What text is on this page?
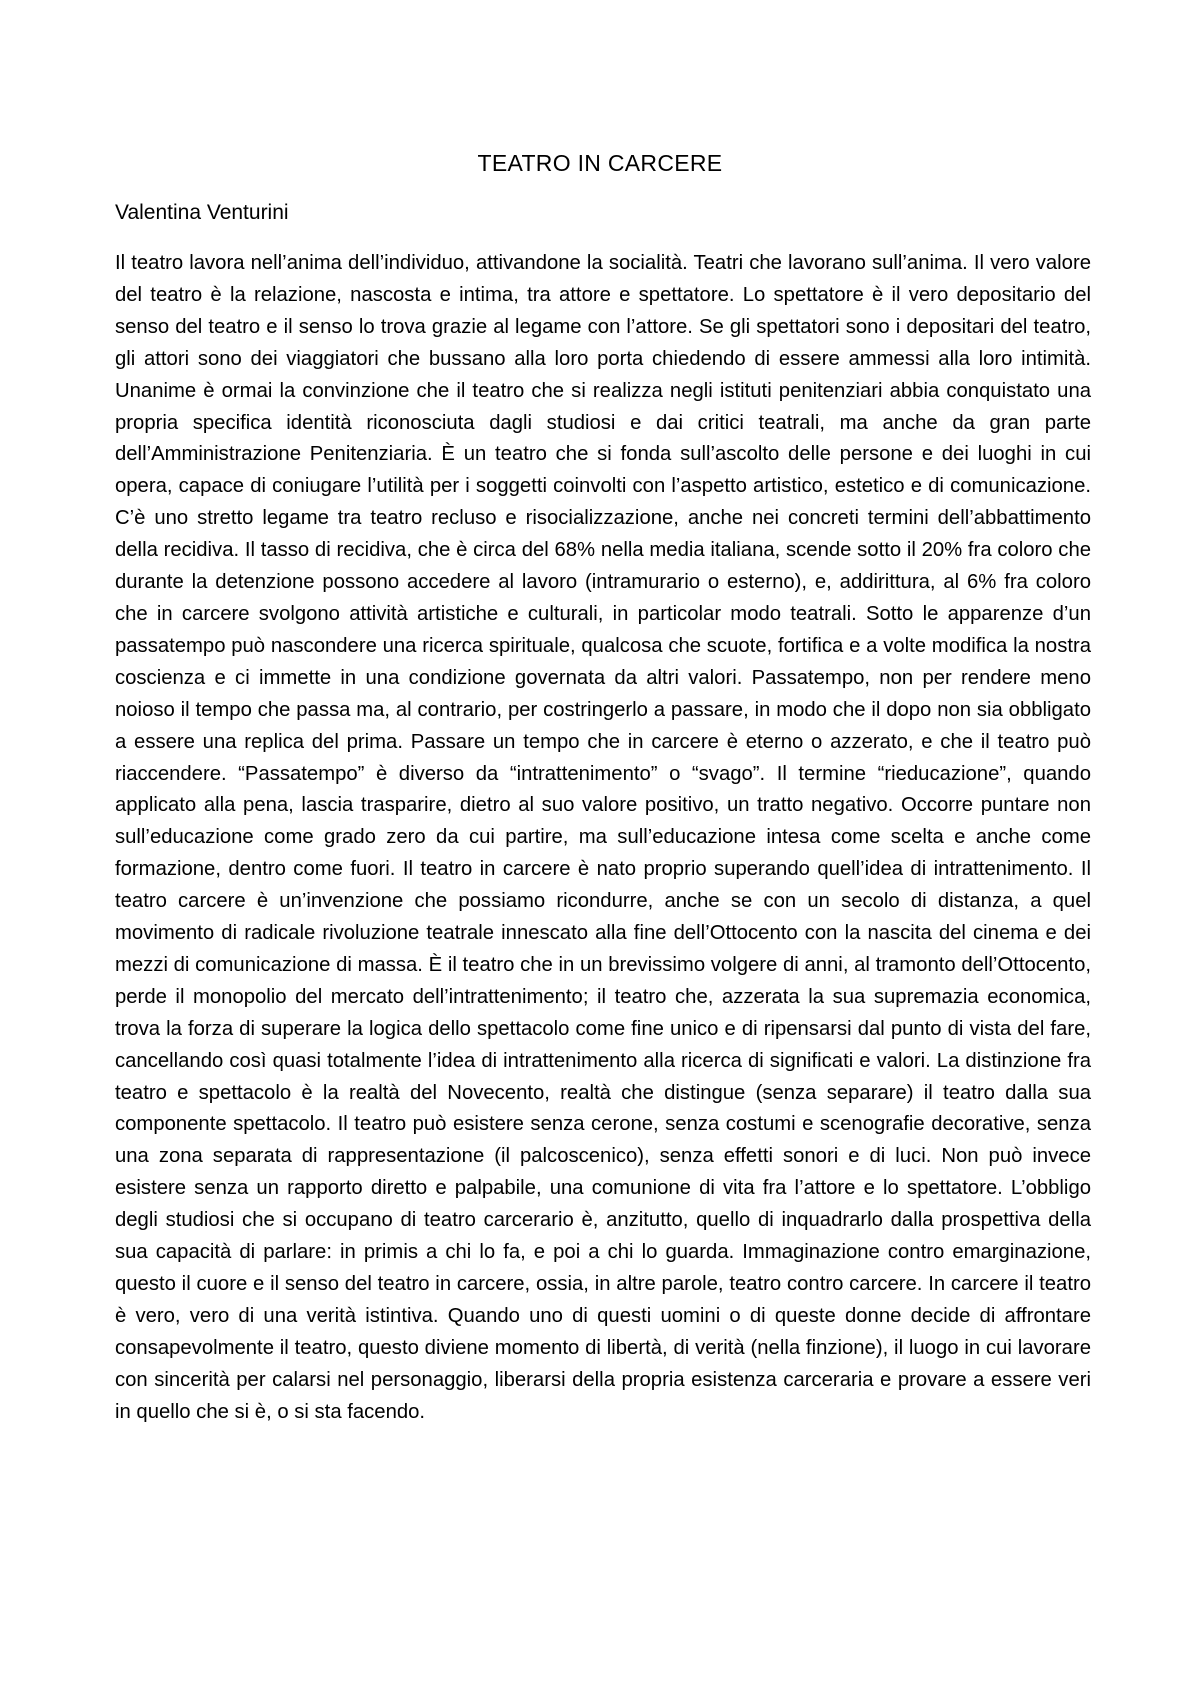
TEATRO IN CARCERE
Valentina Venturini

Il teatro lavora nell’anima dell’individuo, attivandone la socialità. Teatri che lavorano sull’anima. Il vero valore del teatro è la relazione, nascosta e intima, tra attore e spettatore. Lo spettatore è il vero depositario del senso del teatro e il senso lo trova grazie al legame con l’attore. Se gli spettatori sono i depositari del teatro, gli attori sono dei viaggiatori che bussano alla loro porta chiedendo di essere ammessi alla loro intimità. Unanime è ormai la convinzione che il teatro che si realizza negli istituti penitenziari abbia conquistato una propria specifica identità riconosciuta dagli studiosi e dai critici teatrali, ma anche da gran parte dell’Amministrazione Penitenziaria. È un teatro che si fonda sull’ascolto delle persone e dei luoghi in cui opera, capace di coniugare l’utilità per i soggetti coinvolti con l’aspetto artistico, estetico e di comunicazione. C’è uno stretto legame tra teatro recluso e risocializzazione, anche nei concreti termini dell’abbattimento della recidiva. Il tasso di recidiva, che è circa del 68% nella media italiana, scende sotto il 20% fra coloro che durante la detenzione possono accedere al lavoro (intramurario o esterno), e, addirittura, al 6% fra coloro che in carcere svolgono attività artistiche e culturali, in particolar modo teatrali. Sotto le apparenze d’un passatempo può nascondere una ricerca spirituale, qualcosa che scuote, fortifica e a volte modifica la nostra coscienza e ci immette in una condizione governata da altri valori. Passatempo, non per rendere meno noioso il tempo che passa ma, al contrario, per costringerlo a passare, in modo che il dopo non sia obbligato a essere una replica del prima. Passare un tempo che in carcere è eterno o azzerato, e che il teatro può riaccendere. “Passatempo” è diverso da “intrattenimento” o “svago”. Il termine “rieducazione”, quando applicato alla pena, lascia trasparire, dietro al suo valore positivo, un tratto negativo. Occorre puntare non sull’educazione come grado zero da cui partire, ma sull’educazione intesa come scelta e anche come formazione, dentro come fuori. Il teatro in carcere è nato proprio superando quell’idea di intrattenimento. Il teatro carcere è un’invenzione che possiamo ricondurre, anche se con un secolo di distanza, a quel movimento di radicale rivoluzione teatrale innescato alla fine dell’Ottocento con la nascita del cinema e dei mezzi di comunicazione di massa. È il teatro che in un brevissimo volgere di anni, al tramonto dell’Ottocento, perde il monopolio del mercato dell’intrattenimento; il teatro che, azzerata la sua supremazia economica, trova la forza di superare la logica dello spettacolo come fine unico e di ripensarsi dal punto di vista del fare, cancellando così quasi totalmente l’idea di intrattenimento alla ricerca di significati e valori. La distinzione fra teatro e spettacolo è la realtà del Novecento, realtà che distingue (senza separare) il teatro dalla sua componente spettacolo. Il teatro può esistere senza cerone, senza costumi e scenografie decorative, senza una zona separata di rappresentazione (il palcoscenico), senza effetti sonori e di luci. Non può invece esistere senza un rapporto diretto e palpabile, una comunione di vita fra l’attore e lo spettatore. L’obbligo degli studiosi che si occupano di teatro carcerario è, anzitutto, quello di inquadrarlo dalla prospettiva della sua capacità di parlare: in primis a chi lo fa, e poi a chi lo guarda. Immaginazione contro emarginazione, questo il cuore e il senso del teatro in carcere, ossia, in altre parole, teatro contro carcere. In carcere il teatro è vero, vero di una verità istintiva. Quando uno di questi uomini o di queste donne decide di affrontare consapevolmente il teatro, questo diviene momento di libertà, di verità (nella finzione), il luogo in cui lavorare con sincerità per calarsi nel personaggio, liberarsi della propria esistenza carceraria e provare a essere veri in quello che si è, o si sta facendo.
